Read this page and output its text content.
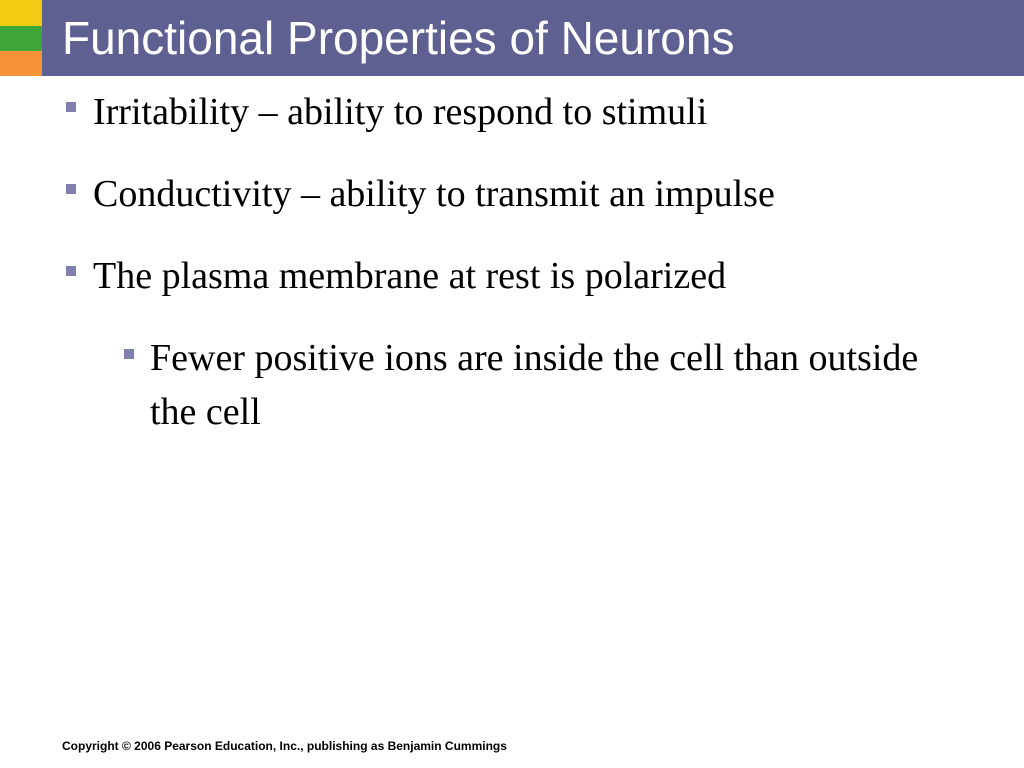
Functional Properties of Neurons
Irritability – ability to respond to stimuli
Conductivity – ability to transmit an impulse
The plasma membrane at rest is polarized
Fewer positive ions are inside the cell than outside the cell
Copyright © 2006 Pearson Education, Inc., publishing as Benjamin Cummings
